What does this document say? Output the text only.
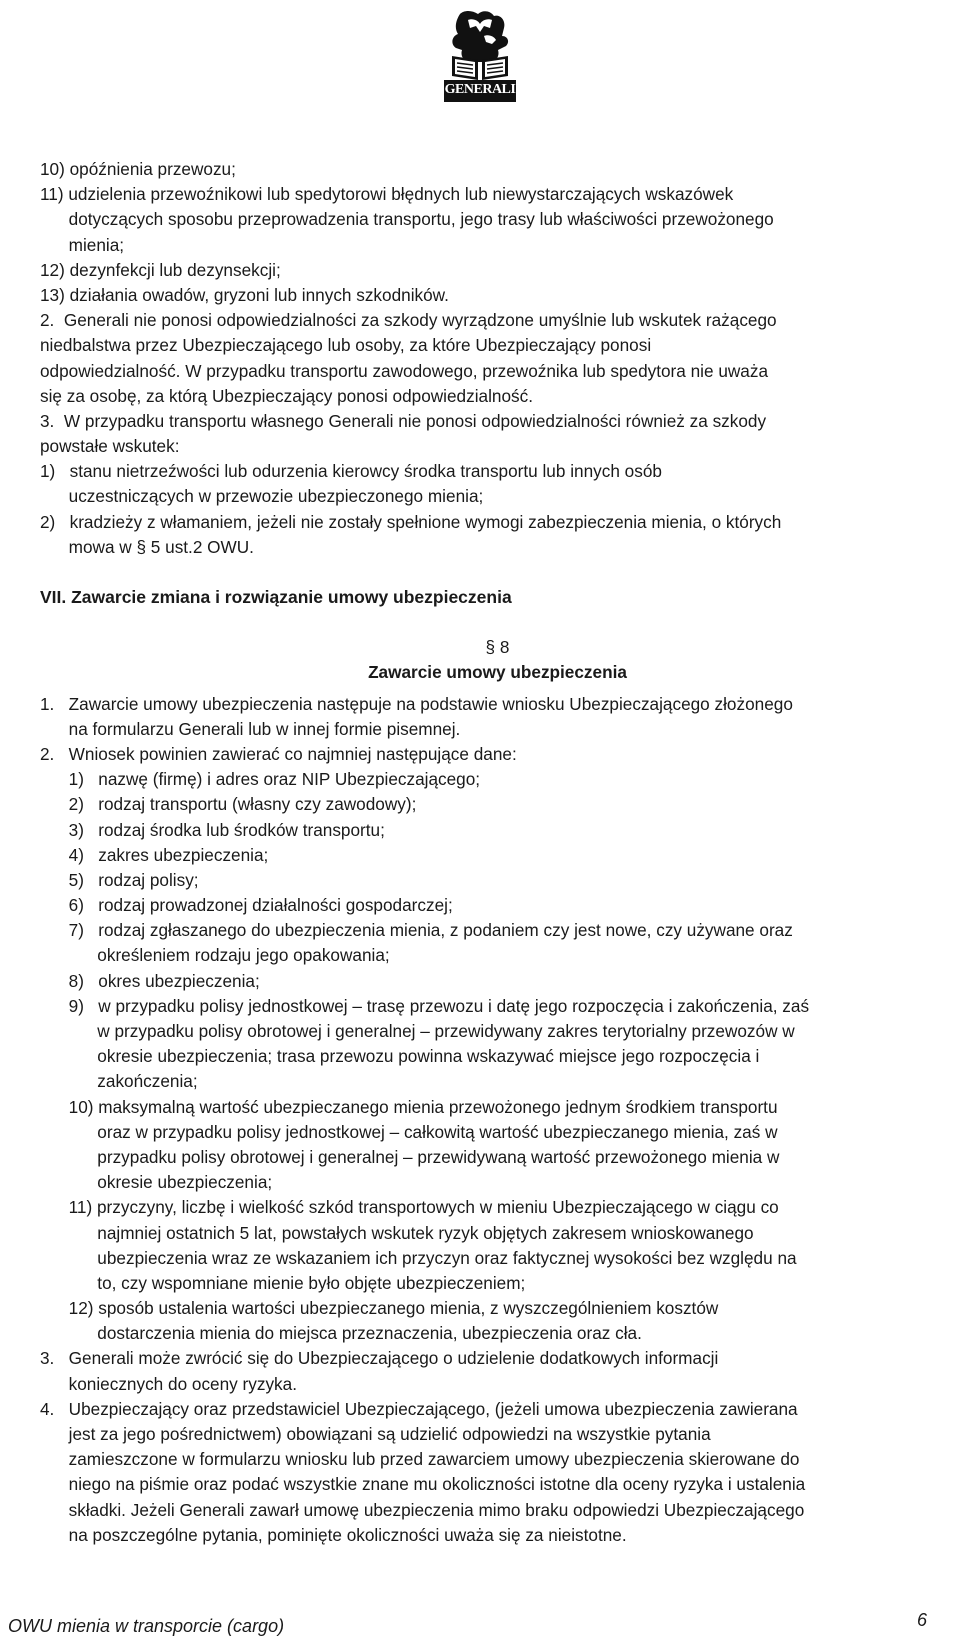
GENERALI
10) opóźnienia przewozu;
11) udzielenia przewoźnikowi lub spedytorowi błędnych lub niewystarczających wskazówek
dotyczących sposobu przeprowadzenia transportu, jego trasy lub właściwości przewożonego
mienia;
12) dezynfekcji lub dezynsekcji;
13) działania owadów, gryzoni lub innych szkodników.
2.  Generali nie ponosi odpowiedzialności za szkody wyrządzone umyślnie lub wskutek rażącego
niedbalstwa przez Ubezpieczającego lub osoby, za które Ubezpieczający ponosi
odpowiedzialność. W przypadku transportu zawodowego, przewoźnika lub spedytora nie uważa
się za osobę, za którą Ubezpieczający ponosi odpowiedzialność.
3.  W przypadku transportu własnego Generali nie ponosi odpowiedzialności również za szkody
powstałe wskutek:
1)   stanu nietrzeźwości lub odurzenia kierowcy środka transportu lub innych osób
uczestniczących w przewozie ubezpieczonego mienia;
2)   kradzieży z włamaniem, jeżeli nie zostały spełnione wymogi zabezpieczenia mienia, o których
mowa w § 5 ust.2 OWU.
VII. Zawarcie zmiana i rozwiązanie umowy ubezpieczenia
§ 8
Zawarcie umowy ubezpieczenia
1.   Zawarcie umowy ubezpieczenia następuje na podstawie wniosku Ubezpieczającego złożonego
na formularzu Generali lub w innej formie pisemnej.
2.   Wniosek powinien zawierać co najmniej następujące dane:
1)   nazwę (firmę) i adres oraz NIP Ubezpieczającego;
2)   rodzaj transportu (własny czy zawodowy);
3)   rodzaj środka lub środków transportu;
4)   zakres ubezpieczenia;
5)   rodzaj polisy;
6)   rodzaj prowadzonej działalności gospodarczej;
7)   rodzaj zgłaszanego do ubezpieczenia mienia, z podaniem czy jest nowe, czy używane oraz
określeniem rodzaju jego opakowania;
8)   okres ubezpieczenia;
9)   w przypadku polisy jednostkowej – trasę przewozu i datę jego rozpoczęcia i zakończenia, zaś
w przypadku polisy obrotowej i generalnej – przewidywany zakres terytorialny przewozów w
okresie ubezpieczenia; trasa przewozu powinna wskazywać miejsce jego rozpoczęcia i
zakończenia;
10) maksymalną wartość ubezpieczanego mienia przewożonego jednym środkiem transportu
oraz w przypadku polisy jednostkowej – całkowitą wartość ubezpieczanego mienia, zaś w
przypadku polisy obrotowej i generalnej – przewidywaną wartość przewożonego mienia w
okresie ubezpieczenia;
11) przyczyny, liczbę i wielkość szkód transportowych w mieniu Ubezpieczającego w ciągu co
najmniej ostatnich 5 lat, powstałych wskutek ryzyk objętych zakresem wnioskowanego
ubezpieczenia wraz ze wskazaniem ich przyczyn oraz faktycznej wysokości bez względu na
to, czy wspomniane mienie było objęte ubezpieczeniem;
12) sposób ustalenia wartości ubezpieczanego mienia, z wyszczególnieniem kosztów
dostarczenia mienia do miejsca przeznaczenia, ubezpieczenia oraz cła.
3.   Generali może zwrócić się do Ubezpieczającego o udzielenie dodatkowych informacji
koniecznych do oceny ryzyka.
4.   Ubezpieczający oraz przedstawiciel Ubezpieczającego, (jeżeli umowa ubezpieczenia zawierana
jest za jego pośrednictwem) obowiązani są udzielić odpowiedzi na wszystkie pytania
zamieszczone w formularzu wniosku lub przed zawarciem umowy ubezpieczenia skierowane do
niego na piśmie oraz podać wszystkie znane mu okoliczności istotne dla oceny ryzyka i ustalenia
składki. Jeżeli Generali zawarł umowę ubezpieczenia mimo braku odpowiedzi Ubezpieczającego
na poszczególne pytania, pominięte okoliczności uważa się za nieistotne.
OWU mienia w transporcie (cargo)	6
